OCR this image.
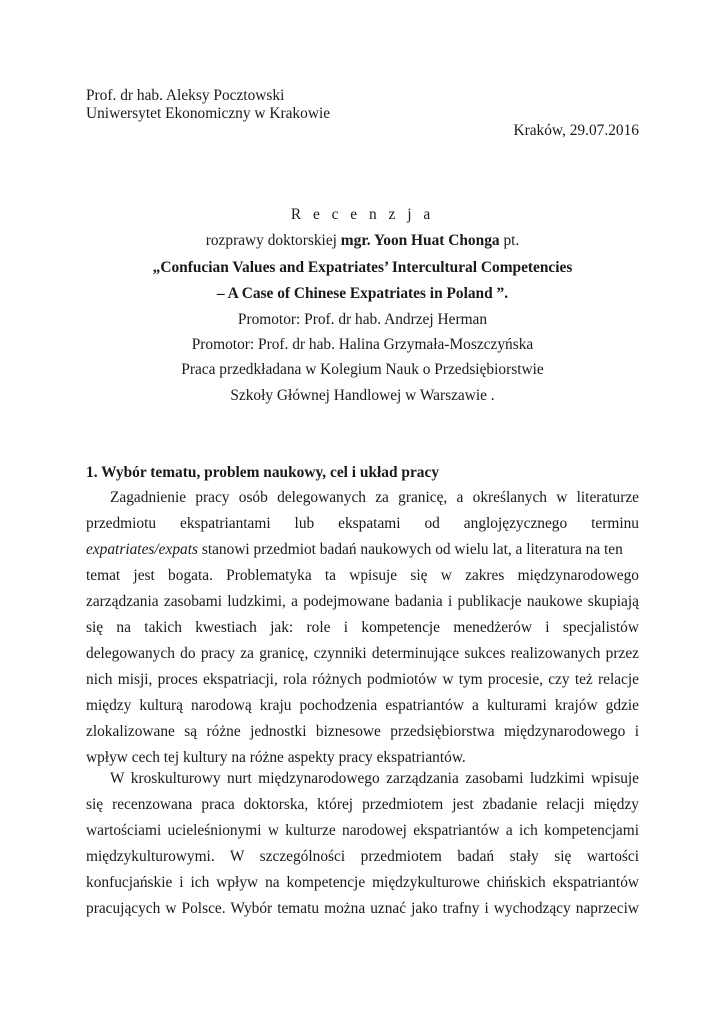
Prof. dr hab. Aleksy Pocztowski
Uniwersytet Ekonomiczny w Krakowie
Kraków, 29.07.2016
R e c e n z j a
rozprawy doktorskiej mgr. Yoon Huat Chonga pt.
„Confucian Values and Expatriates’ Intercultural Competencies
– A Case of Chinese Expatriates in Poland ”.
Promotor: Prof. dr hab. Andrzej Herman
Promotor: Prof. dr hab. Halina Grzymała-Moszczyńska
Praca przedkładana w Kolegium Nauk o Przedsiębiorstwie
Szkoły Głównej Handlowej w Warszawie .
1. Wybór tematu, problem naukowy, cel i układ pracy
Zagadnienie pracy osób delegowanych za granicę, a określanych w literaturze
przedmiotu ekspatriantami lub ekspatami od anglojęzycznego terminu
expatriates/expats stanowi przedmiot badań naukowych od wielu lat, a literatura na ten
temat jest bogata. Problematyka ta wpisuje się w zakres międzynarodowego
zarządzania zasobami ludzkimi, a podejmowane badania i publikacje naukowe skupiają
się na takich kwestiach jak: role i kompetencje menedżerów i specjalistów
delegowanych do pracy za granicę, czynniki determinujące sukces realizowanych przez
nich misji, proces ekspatriacji, rola różnych podmiotów w tym procesie, czy też relacje
między kulturą narodową kraju pochodzenia espatriantów a kulturami krajów gdzie
zlokalizowane są różne jednostki biznesowe przedsiębiorstwa międzynarodowego i
wpływ cech tej kultury na różne aspekty pracy ekspatriantów.
W kroskulturowy nurt międzynarodowego zarządzania zasobami ludzkimi wpisuje
się recenzowana praca doktorska, której przedmiotem jest zbadanie relacji między
wartościami ucieleśnionymi w kulturze narodowej ekspatriantów a ich kompetencjami
międzykulturowymi. W szczególności przedmiotem badań stały się wartości
konfucjańskie i ich wpływ na kompetencje międzykulturowe chińskich ekspatriantów
pracujących w Polsce. Wybór tematu można uznać jako trafny i wychodzący naprzeciw
